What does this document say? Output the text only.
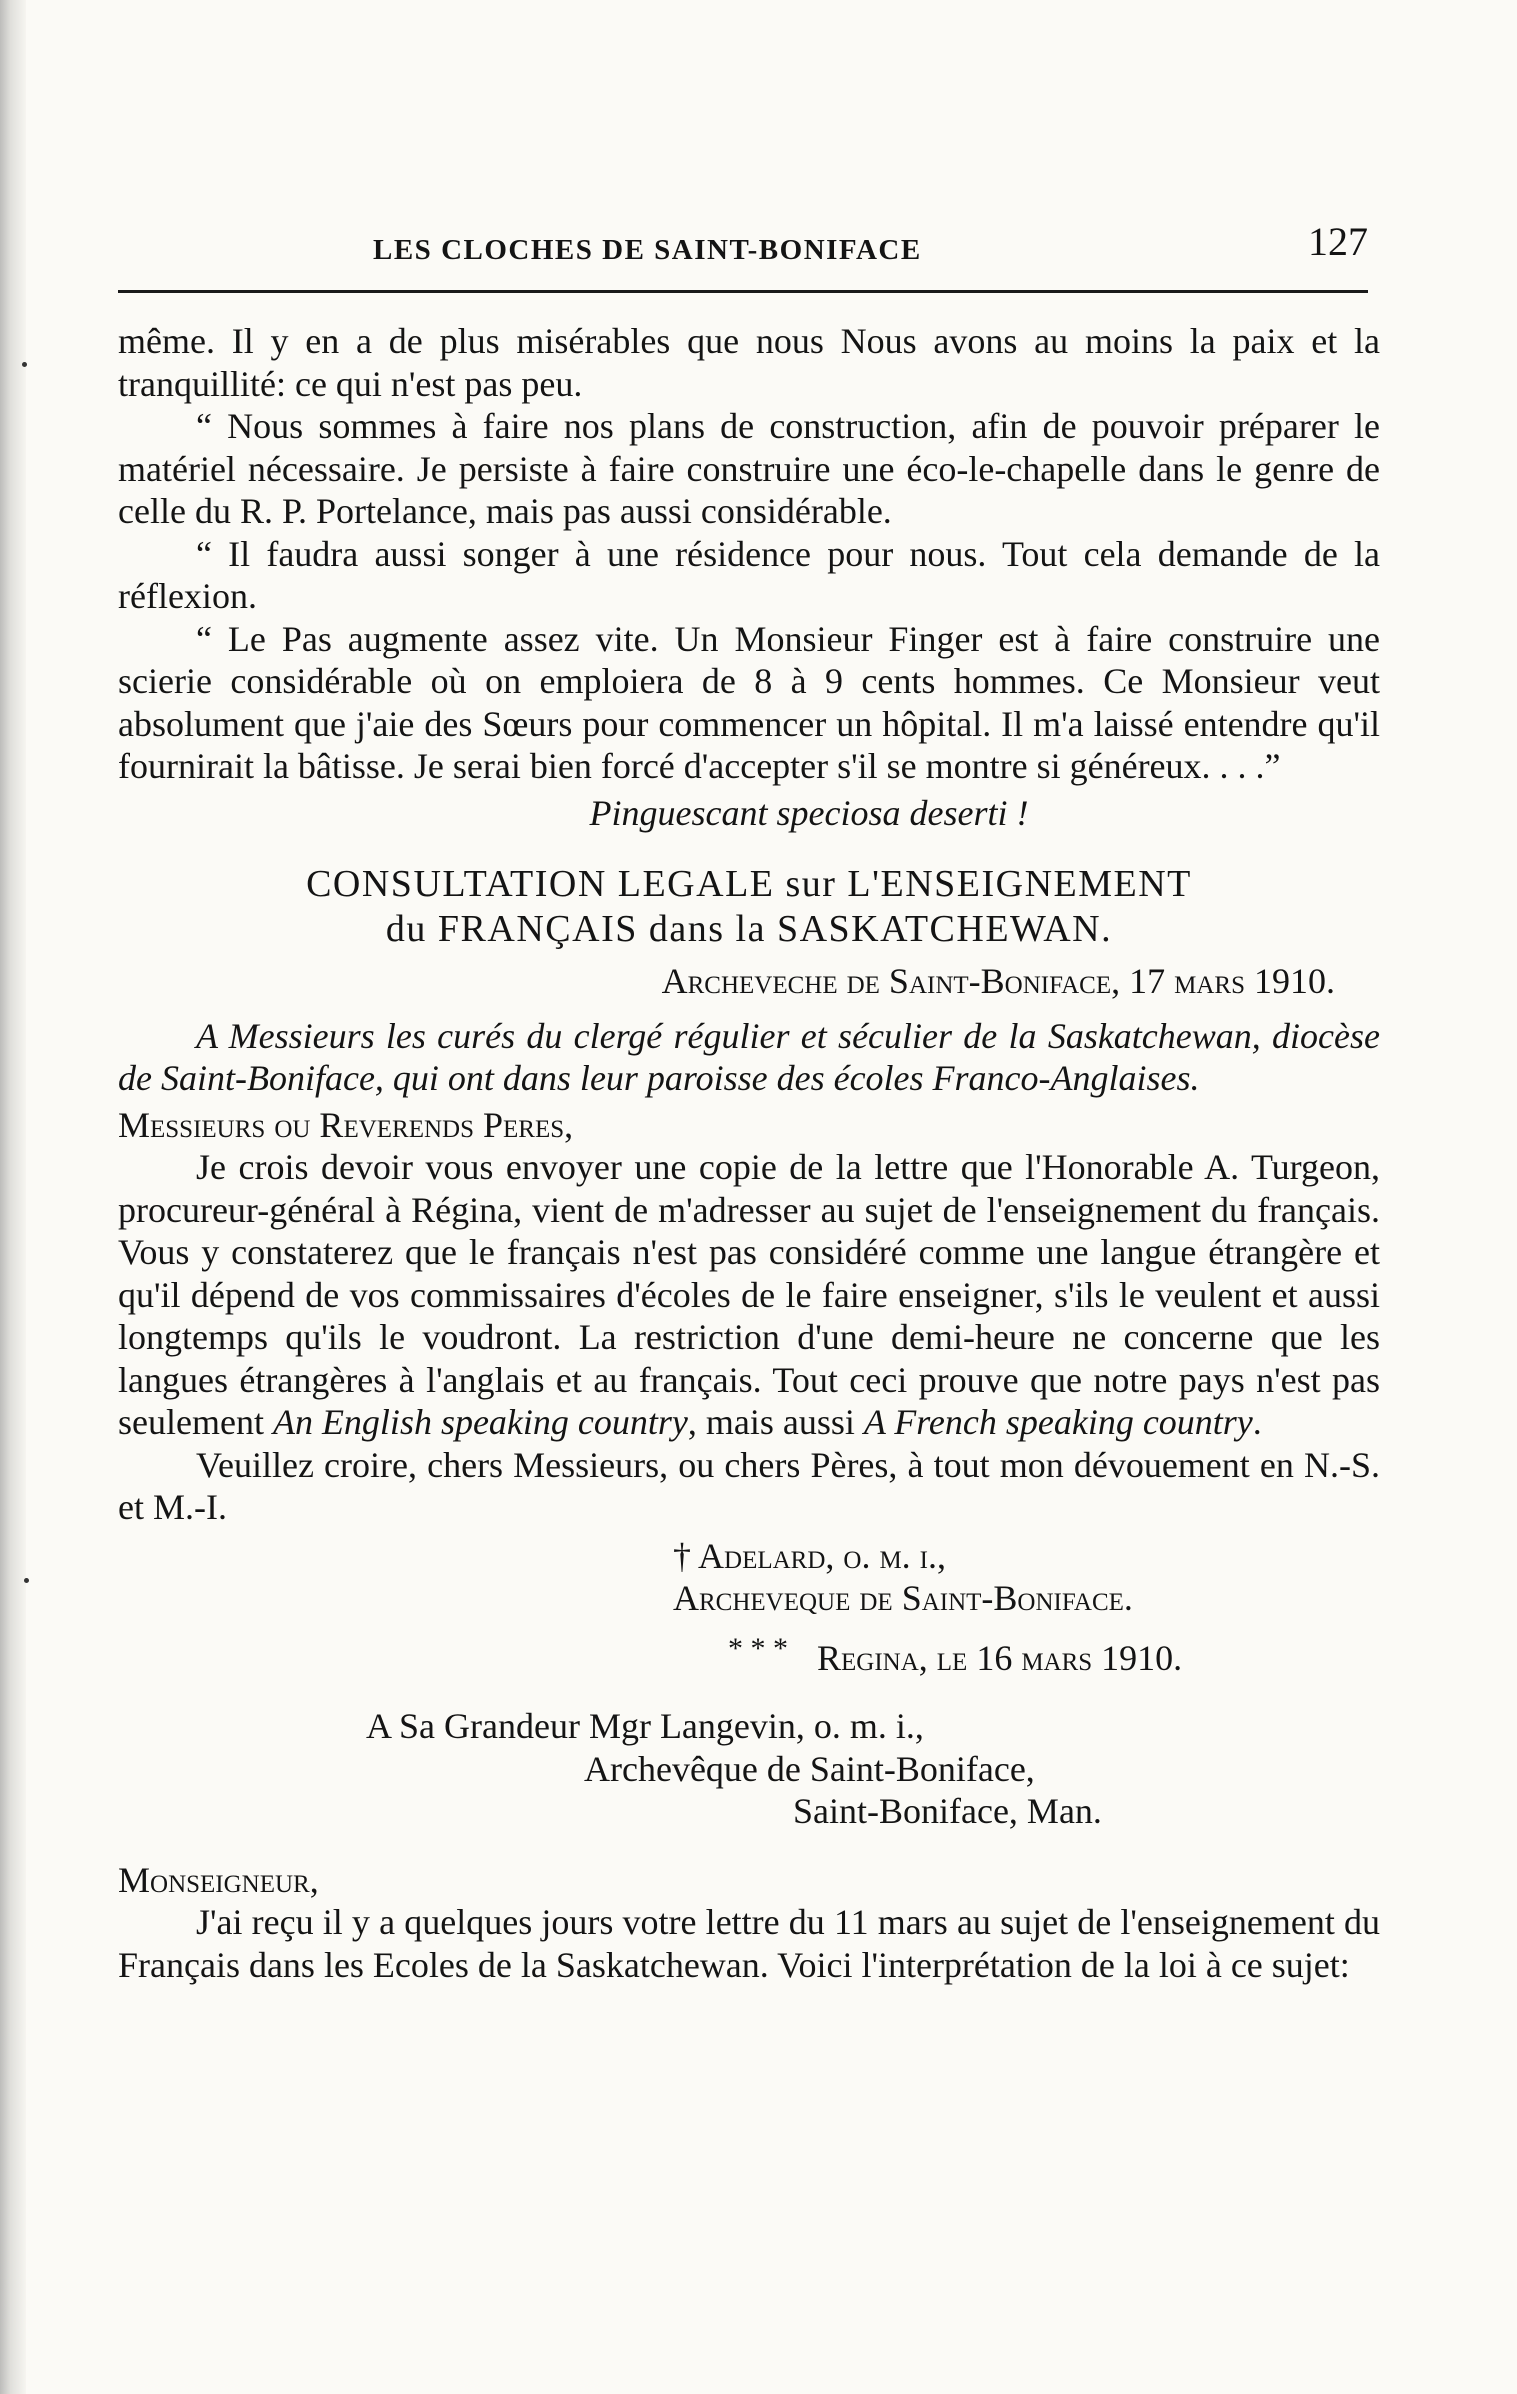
LES CLOCHES DE SAINT-BONIFACE	127

même. Il y en a de plus misérables que nous Nous avons au moins la paix et la tranquillité: ce qui n'est pas peu.

“ Nous sommes à faire nos plans de construction, afin de pouvoir préparer le matériel nécessaire. Je persiste à faire construire une éco-le-chapelle dans le genre de celle du R. P. Portelance, mais pas aussi considérable.

“ Il faudra aussi songer à une résidence pour nous. Tout cela demande de la réflexion.

“ Le Pas augmente assez vite. Un Monsieur Finger est à faire construire une scierie considérable où on emploiera de 8 à 9 cents hommes. Ce Monsieur veut absolument que j'aie des Sœurs pour commencer un hôpital. Il m'a laissé entendre qu'il fournirait la bâtisse. Je serai bien forcé d'accepter s'il se montre si généreux. . . .”

Pinguescant speciosa deserti !

CONSULTATION LEGALE sur L'ENSEIGNEMENT

du FRANÇAIS dans la SASKATCHEWAN.

Archeveche de Saint-Boniface, 17 mars 1910.

A Messieurs les curés du clergé régulier et séculier de la Saskatchewan, diocèse de Saint-Boniface, qui ont dans leur paroisse des écoles Franco-Anglaises.

Messieurs ou Reverends Peres,

Je crois devoir vous envoyer une copie de la lettre que l'Honorable A. Turgeon, procureur-général à Régina, vient de m'adresser au sujet de l'enseignement du français. Vous y constaterez que le français n'est pas considéré comme une langue étrangère et qu'il dépend de vos commissaires d'écoles de le faire enseigner, s'ils le veulent et aussi longtemps qu'ils le voudront. La restriction d'une demi-heure ne concerne que les langues étrangères à l'anglais et au français. Tout ceci prouve que notre pays n'est pas seulement An English speaking country, mais aussi A French speaking country.

Veuillez croire, chers Messieurs, ou chers Pères, à tout mon dévouement en N.-S. et M.-I.

† Adelard, o. m. i.,

Archeveque de Saint-Boniface.

* * * Regina, le 16 mars 1910.

A Sa Grandeur Mgr Langevin, o. m. i.,

Archevêque de Saint-Boniface,

Saint-Boniface, Man.

Monseigneur,

J'ai reçu il y a quelques jours votre lettre du 11 mars au sujet de l'enseignement du Français dans les Ecoles de la Saskatchewan. Voici l'interprétation de la loi à ce sujet:
